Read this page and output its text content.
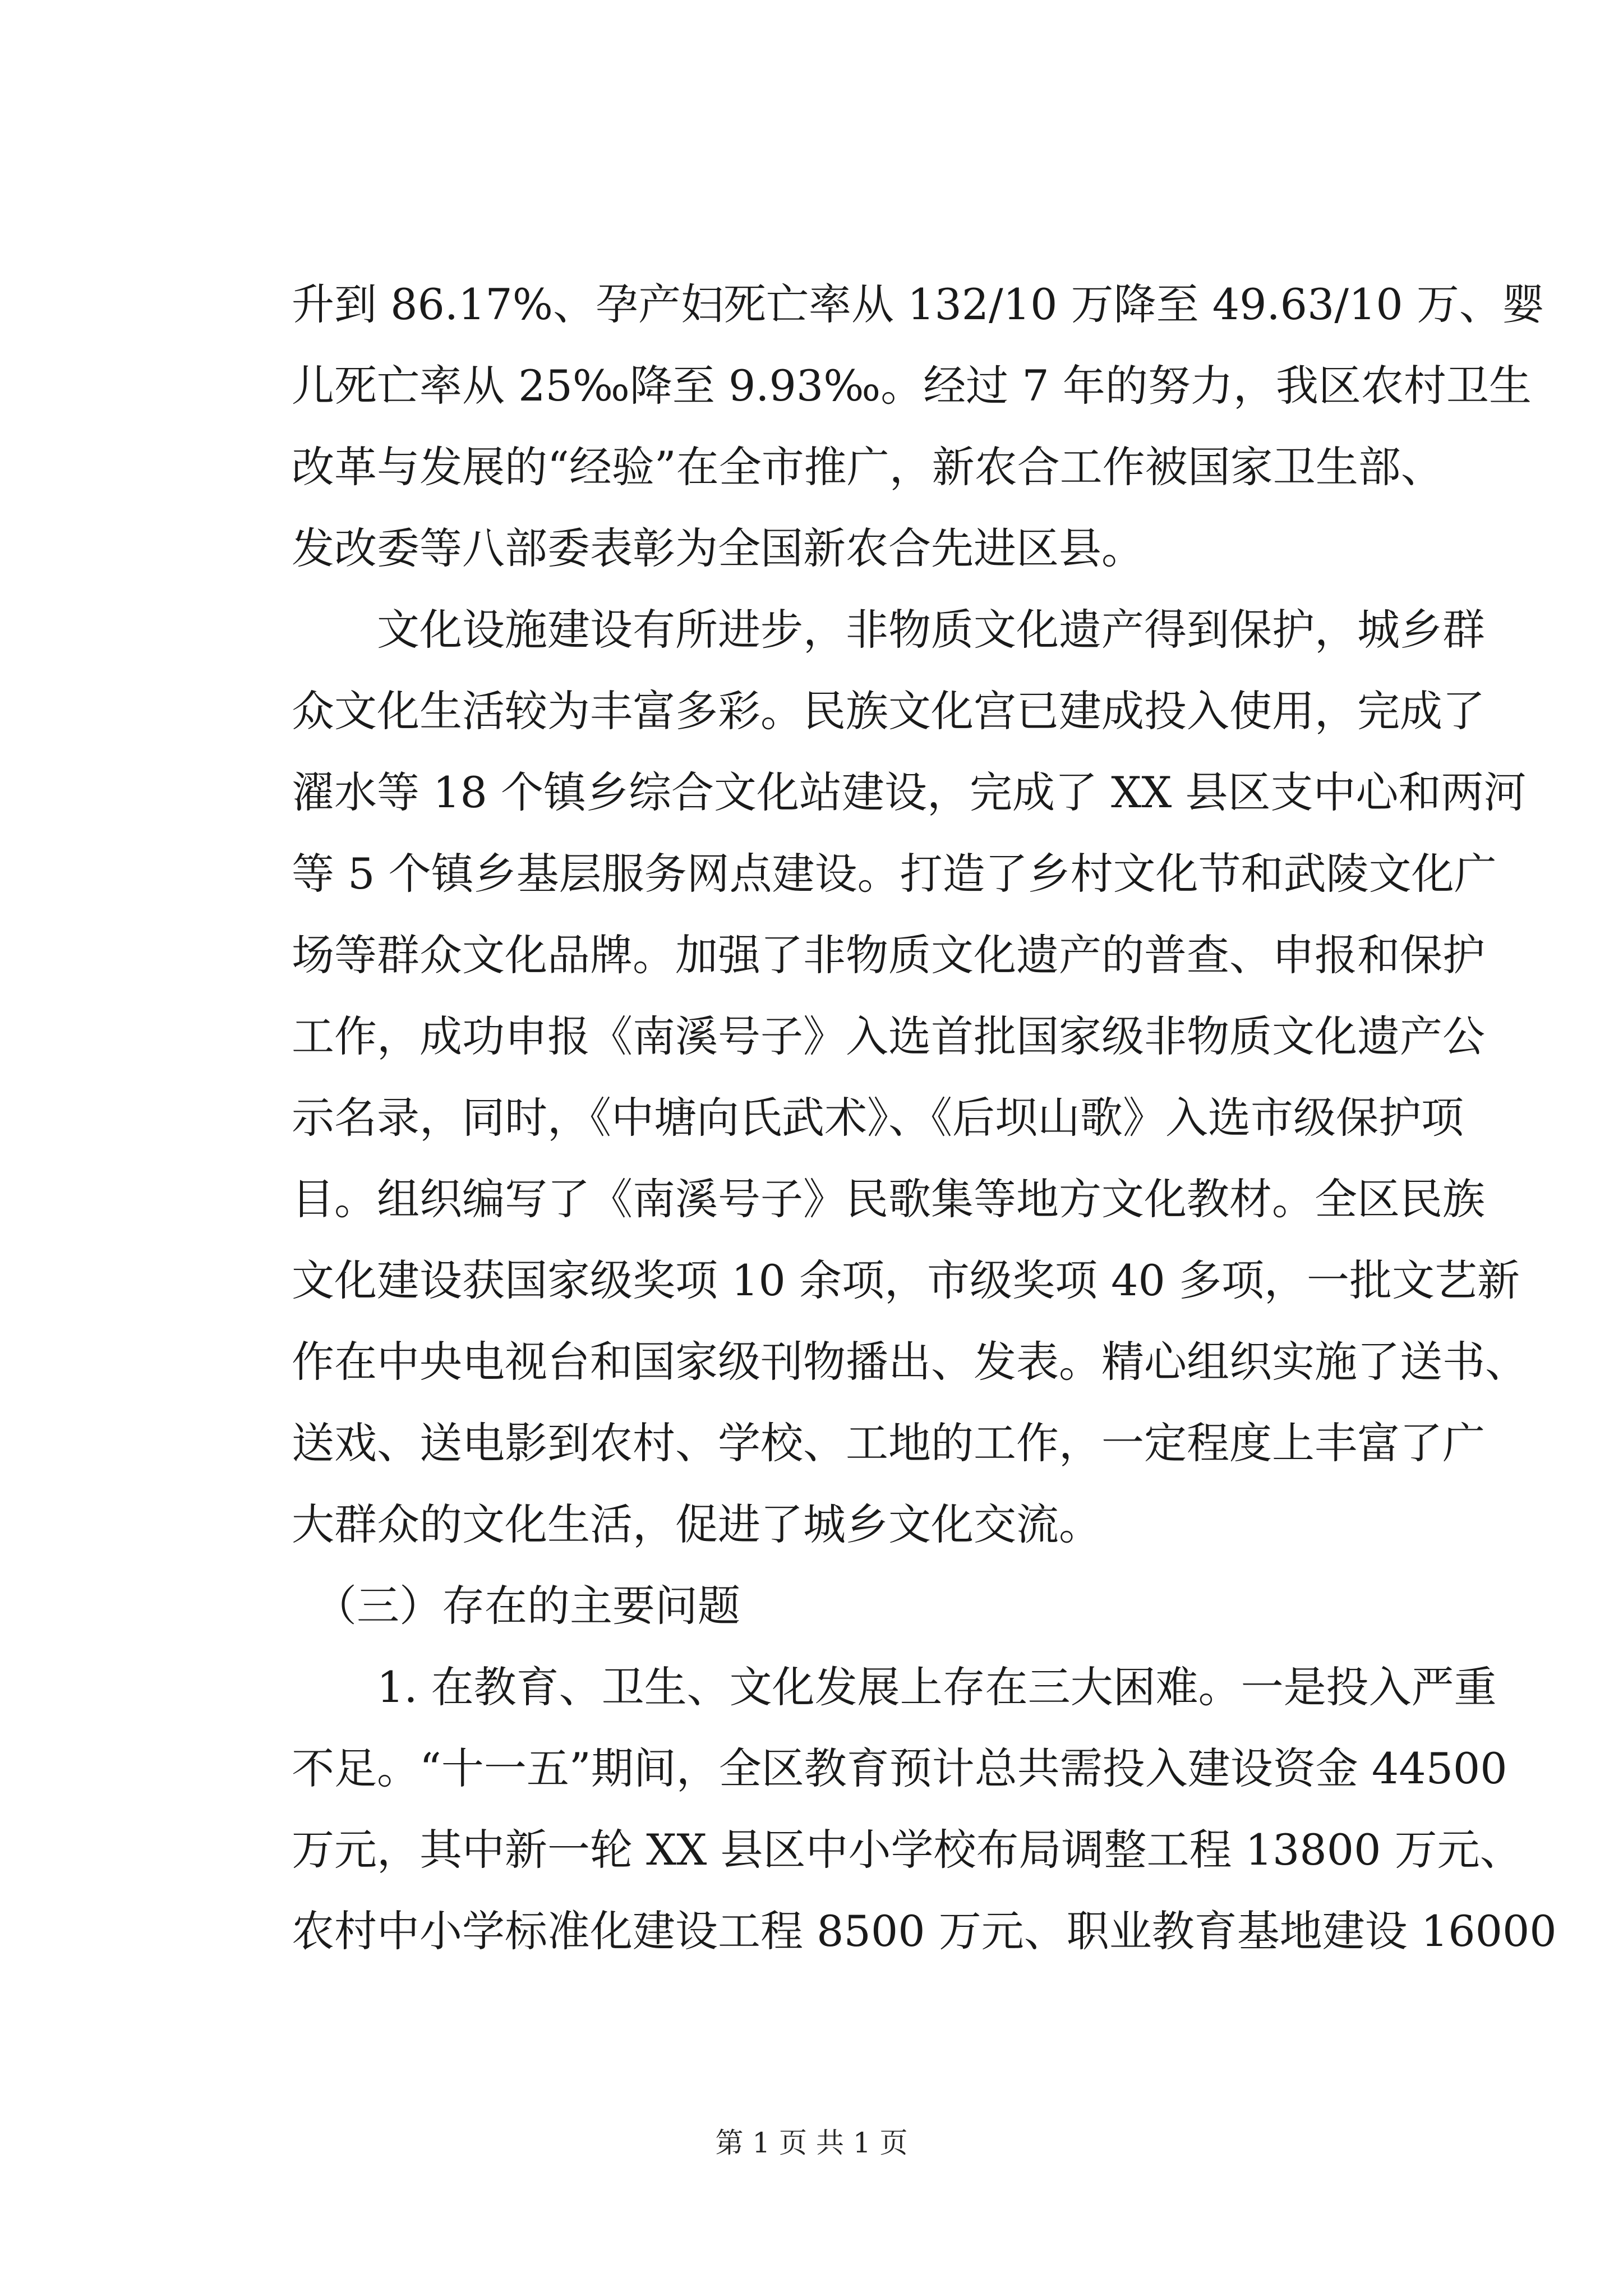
升到 86.17%、孕产妇死亡率从 132/10 万降至 49.63/10 万、婴
儿死亡率从 25‰降至 9.93‰。经过 7 年的努力，我区农村卫生
改革与发展的“经验”在全市推广，新农合工作被国家卫生部、
发改委等八部委表彰为全国新农合先进区县。
文化设施建设有所进步，非物质文化遗产得到保护，城乡群
众文化生活较为丰富多彩。民族文化宫已建成投入使用，完成了
濯水等 18 个镇乡综合文化站建设，完成了 XX 县区支中心和两河
等 5 个镇乡基层服务网点建设。打造了乡村文化节和武陵文化广
场等群众文化品牌。加强了非物质文化遗产的普查、申报和保护
工作，成功申报《南溪号子》入选首批国家级非物质文化遗产公
示名录，同时，《中塘向氏武术》、《后坝山歌》入选市级保护项
目。组织编写了《南溪号子》民歌集等地方文化教材。全区民族
文化建设获国家级奖项 10 余项，市级奖项 40 多项，一批文艺新
作在中央电视台和国家级刊物播出、发表。精心组织实施了送书、
送戏、送电影到农村、学校、工地的工作，一定程度上丰富了广
大群众的文化生活，促进了城乡文化交流。
（三）存在的主要问题
1. 在教育、卫生、文化发展上存在三大困难。一是投入严重
不足。“十一五”期间，全区教育预计总共需投入建设资金 44500
万元，其中新一轮 XX 县区中小学校布局调整工程 13800 万元、
农村中小学标准化建设工程 8500 万元、职业教育基地建设 16000
第 1 页 共 1 页
